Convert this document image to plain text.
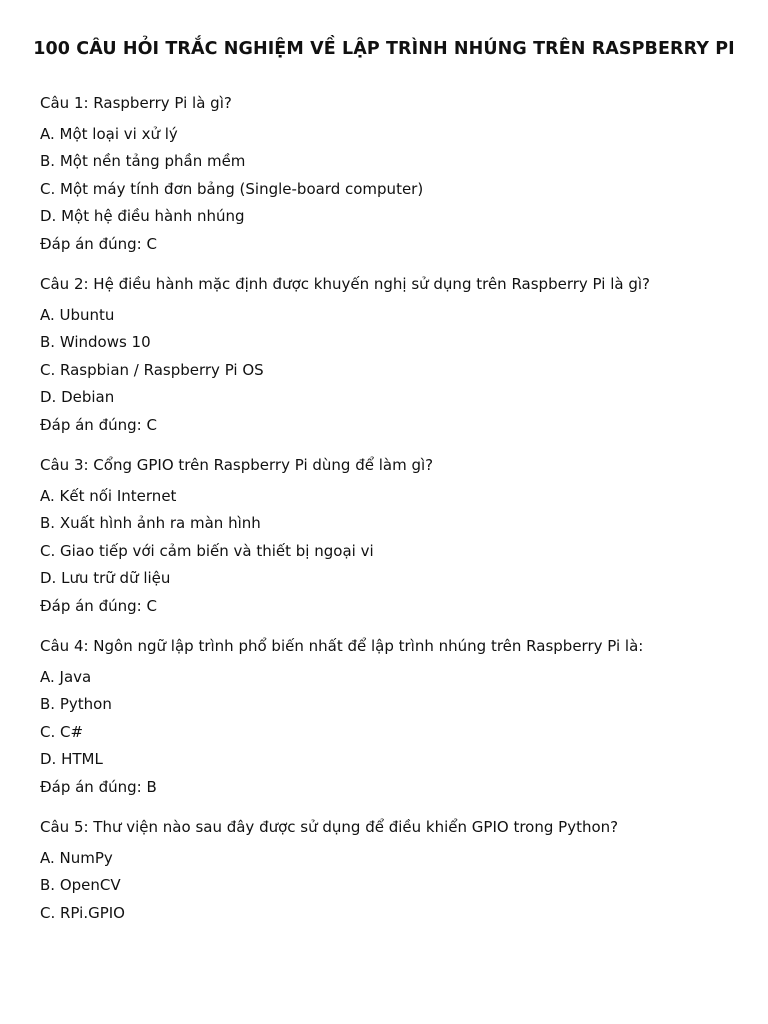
100 CÂU HỎI TRẮC NGHIỆM VỀ LẬP TRÌNH NHÚNG TRÊN RASPBERRY PI
Câu 1: Raspberry Pi là gì?
A. Một loại vi xử lý
B. Một nền tảng phần mềm
C. Một máy tính đơn bảng (Single-board computer)
D. Một hệ điều hành nhúng
Đáp án đúng: C
Câu 2: Hệ điều hành mặc định được khuyến nghị sử dụng trên Raspberry Pi là gì?
A. Ubuntu
B. Windows 10
C. Raspbian / Raspberry Pi OS
D. Debian
Đáp án đúng: C
Câu 3: Cổng GPIO trên Raspberry Pi dùng để làm gì?
A. Kết nối Internet
B. Xuất hình ảnh ra màn hình
C. Giao tiếp với cảm biến và thiết bị ngoại vi
D. Lưu trữ dữ liệu
Đáp án đúng: C
Câu 4: Ngôn ngữ lập trình phổ biến nhất để lập trình nhúng trên Raspberry Pi là:
A. Java
B. Python
C. C#
D. HTML
Đáp án đúng: B
Câu 5: Thư viện nào sau đây được sử dụng để điều khiển GPIO trong Python?
A. NumPy
B. OpenCV
C. RPi.GPIO
